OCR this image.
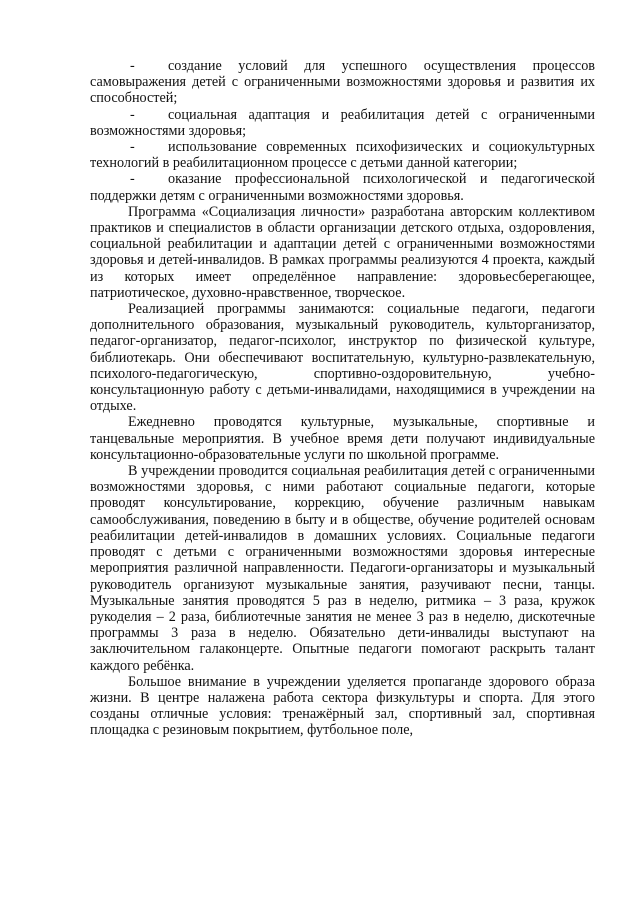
-	создание условий для успешного осуществления процессов самовыражения детей с ограниченными возможностями здоровья и развития их способностей;
-	социальная адаптация и реабилитация детей с ограниченными возможностями здоровья;
-	использование современных психофизических и социокультурных технологий в реабилитационном процессе с детьми данной категории;
-	оказание профессиональной психологической и педагогической поддержки детям с ограниченными возможностями здоровья.

Программа «Социализация личности» разработана авторским коллективом практиков и специалистов в области организации детского отдыха, оздоровления, социальной реабилитации и адаптации детей с ограниченными возможностями здоровья и детей-инвалидов. В рамках программы реализуются 4 проекта, каждый из которых имеет определённое направление: здоровьесберегающее, патриотическое, духовно-нравственное, творческое.

Реализацией программы занимаются: социальные педагоги, педагоги дополнительного образования, музыкальный руководитель, культорганизатор, педагог-организатор, педагог-психолог, инструктор по физической культуре, библиотекарь. Они обеспечивают воспитательную, культурно-развлекательную, психолого-педагогическую, спортивно-оздоровительную, учебно-консультационную работу с детьми-инвалидами, находящимися в учреждении на отдыхе.

Ежедневно проводятся культурные, музыкальные, спортивные и танцевальные мероприятия. В учебное время дети получают индивидуальные консультационно-образовательные услуги по школьной программе.

В учреждении проводится социальная реабилитация детей с ограниченными возможностями здоровья, с ними работают социальные педагоги, которые проводят консультирование, коррекцию, обучение различным навыкам самообслуживания, поведению в быту и в обществе, обучение родителей основам реабилитации детей-инвалидов в домашних условиях. Социальные педагоги проводят с детьми с ограниченными возможностями здоровья интересные мероприятия различной направленности. Педагоги-организаторы и музыкальный руководитель организуют музыкальные занятия, разучивают песни, танцы. Музыкальные занятия проводятся 5 раз в неделю, ритмика – 3 раза, кружок рукоделия – 2 раза, библиотечные занятия не менее 3 раз в неделю, дискотечные программы 3 раза в неделю. Обязательно дети-инвалиды выступают на заключительном галаконцерте. Опытные педагоги помогают раскрыть талант каждого ребёнка.

Большое внимание в учреждении уделяется пропаганде здорового образа жизни. В центре налажена работа сектора физкультуры и спорта. Для этого созданы отличные условия: тренажёрный зал, спортивный зал, спортивная площадка с резиновым покрытием, футбольное поле,
